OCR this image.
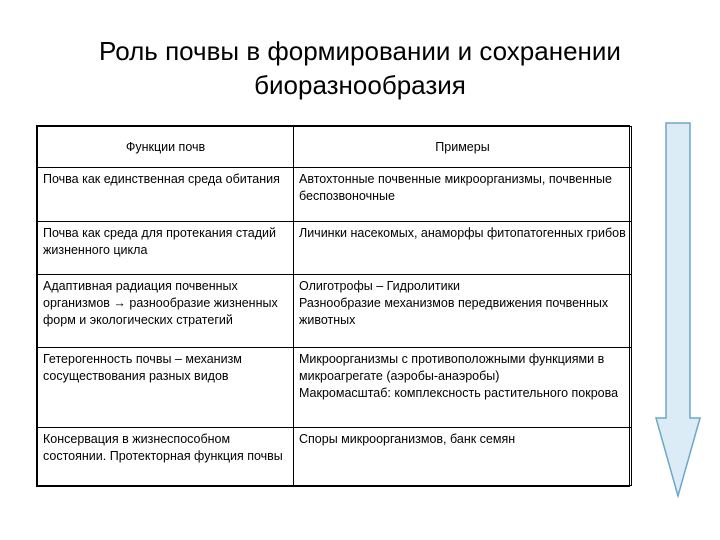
Роль почвы в формировании и сохранении
биоразнообразия
Функции почв	Примеры

Почва как единственная среда обитания	Автохтонные почвенные микроорганизмы, почвенные беспозвоночные

Почва как среда для протекания стадий жизненного цикла	Личинки насекомых, анаморфы фитопатогенных грибов

Адаптивная радиация почвенных организмов → разнообразие жизненных форм и экологических стратегий	Олиготрофы – Гидролитики
Разнообразие механизмов передвижения почвенных животных

Гетерогенность почвы – механизм сосуществования разных видов	Микроорганизмы с противоположными функциями в микроагрегате (аэробы-анаэробы)
Макромасштаб: комплексность растительного покрова

Консервация в жизнеспособном состоянии. Протекторная функция почвы	Споры микроорганизмов, банк семян
